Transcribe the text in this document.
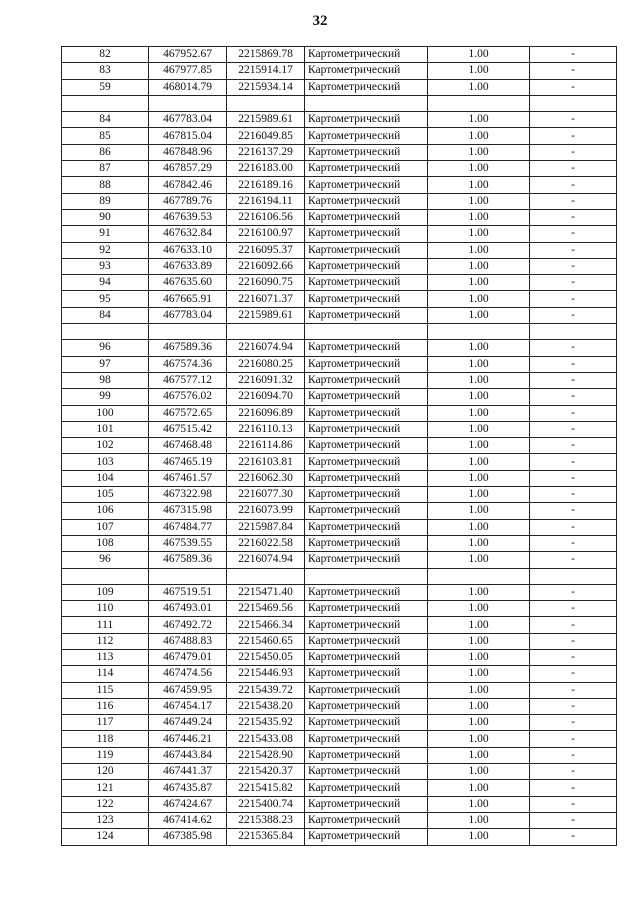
32
82	467952.67	2215869.78	Картометрический	1.00	-
83	467977.85	2215914.17	Картометрический	1.00	-
59	468014.79	2215934.14	Картометрический	1.00	-

84	467783.04	2215989.61	Картометрический	1.00	-
85	467815.04	2216049.85	Картометрический	1.00	-
86	467848.96	2216137.29	Картометрический	1.00	-
87	467857.29	2216183.00	Картометрический	1.00	-
88	467842.46	2216189.16	Картометрический	1.00	-
89	467789.76	2216194.11	Картометрический	1.00	-
90	467639.53	2216106.56	Картометрический	1.00	-
91	467632.84	2216100.97	Картометрический	1.00	-
92	467633.10	2216095.37	Картометрический	1.00	-
93	467633.89	2216092.66	Картометрический	1.00	-
94	467635.60	2216090.75	Картометрический	1.00	-
95	467665.91	2216071.37	Картометрический	1.00	-
84	467783.04	2215989.61	Картометрический	1.00	-

96	467589.36	2216074.94	Картометрический	1.00	-
97	467574.36	2216080.25	Картометрический	1.00	-
98	467577.12	2216091.32	Картометрический	1.00	-
99	467576.02	2216094.70	Картометрический	1.00	-
100	467572.65	2216096.89	Картометрический	1.00	-
101	467515.42	2216110.13	Картометрический	1.00	-
102	467468.48	2216114.86	Картометрический	1.00	-
103	467465.19	2216103.81	Картометрический	1.00	-
104	467461.57	2216062.30	Картометрический	1.00	-
105	467322.98	2216077.30	Картометрический	1.00	-
106	467315.98	2216073.99	Картометрический	1.00	-
107	467484.77	2215987.84	Картометрический	1.00	-
108	467539.55	2216022.58	Картометрический	1.00	-
96	467589.36	2216074.94	Картометрический	1.00	-

109	467519.51	2215471.40	Картометрический	1.00	-
110	467493.01	2215469.56	Картометрический	1.00	-
111	467492.72	2215466.34	Картометрический	1.00	-
112	467488.83	2215460.65	Картометрический	1.00	-
113	467479.01	2215450.05	Картометрический	1.00	-
114	467474.56	2215446.93	Картометрический	1.00	-
115	467459.95	2215439.72	Картометрический	1.00	-
116	467454.17	2215438.20	Картометрический	1.00	-
117	467449.24	2215435.92	Картометрический	1.00	-
118	467446.21	2215433.08	Картометрический	1.00	-
119	467443.84	2215428.90	Картометрический	1.00	-
120	467441.37	2215420.37	Картометрический	1.00	-
121	467435.87	2215415.82	Картометрический	1.00	-
122	467424.67	2215400.74	Картометрический	1.00	-
123	467414.62	2215388.23	Картометрический	1.00	-
124	467385.98	2215365.84	Картометрический	1.00	-
